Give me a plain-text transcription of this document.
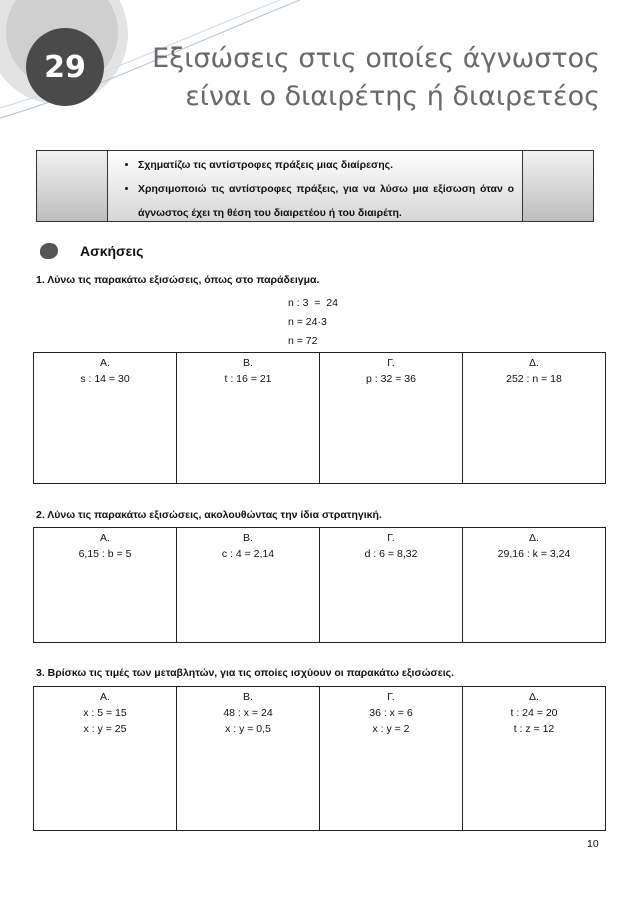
29 Εξισώσεις στις οποίες άγνωστος
είναι ο διαιρέτης ή διαιρετέος
• Σχηματίζω τις αντίστροφες πράξεις μιας διαίρεσης.
• Χρησιμοποιώ τις αντίστροφες πράξεις, για να λύσω μια εξίσωση όταν ο άγνωστος έχει τη θέση του διαιρετέου ή του διαιρέτη.
Ασκήσεις
1. Λύνω τις παρακάτω εξισώσεις, όπως στο παράδειγμα.
n : 3  =  24
n = 24·3
n = 72
Α.
s : 14 = 30
Β.
t : 16 = 21
Γ.
p : 32 = 36
Δ.
252 : n = 18
2. Λύνω τις παρακάτω εξισώσεις, ακολουθώντας την ίδια στρατηγική.
Α.
6,15 : b = 5
Β.
c : 4 = 2,14
Γ.
d : 6 = 8,32
Δ.
29,16 : k = 3,24
3. Βρίσκω τις τιμές των μεταβλητών, για τις οποίες ισχύουν οι παρακάτω εξισώσεις.
Α.
x : 5 = 15
x : y = 25
Β.
48 : x = 24
x : y = 0,5
Γ.
36 : x = 6
x : y = 2
Δ.
t : 24 = 20
t : z = 12
10
